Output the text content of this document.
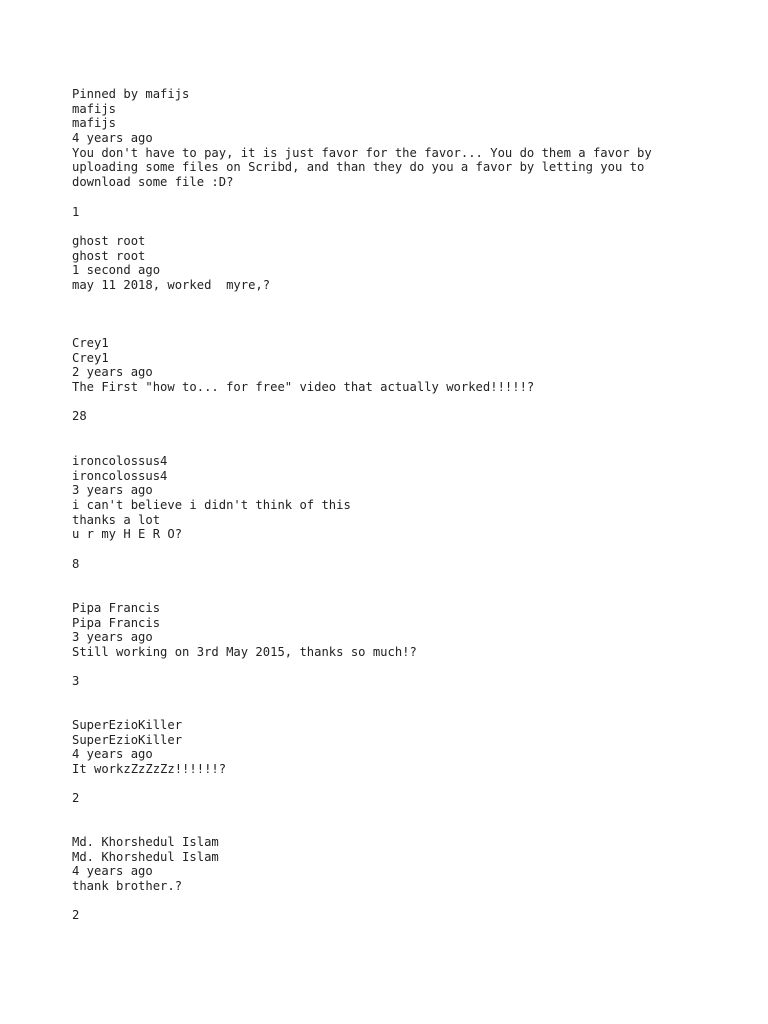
Pinned by mafijs
mafijs
mafijs
4 years ago
You don't have to pay, it is just favor for the favor... You do them a favor by
uploading some files on Scribd, and than they do you a favor by letting you to
download some file :D?
1
ghost root
ghost root
1 second ago
may 11 2018, worked  myre,?
Crey1
Crey1
2 years ago
The First "how to... for free" video that actually worked!!!!!?
28
ironcolossus4
ironcolossus4
3 years ago
i can't believe i didn't think of this
thanks a lot
u r my H E R O?
8
Pipa Francis
Pipa Francis
3 years ago
Still working on 3rd May 2015, thanks so much!?
3
SuperEzioKiller
SuperEzioKiller
4 years ago
It workzZzZzZz!!!!!!?
2
Md. Khorshedul Islam
Md. Khorshedul Islam
4 years ago
thank brother.?
2
